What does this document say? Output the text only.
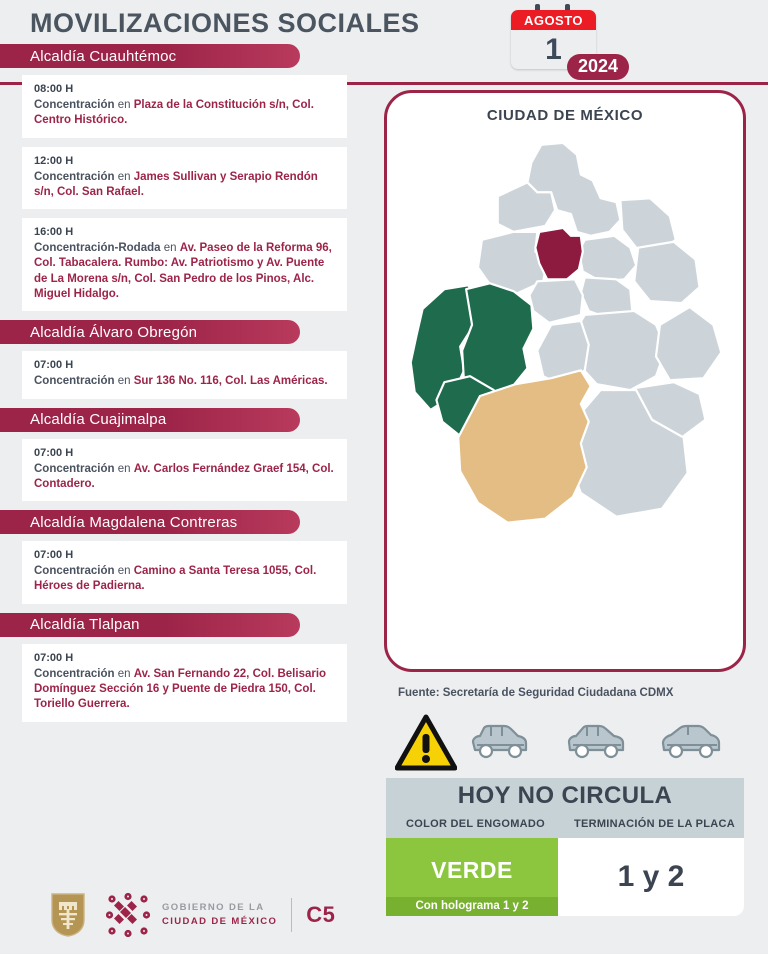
MOVILIZACIONES SOCIALES	AGOSTO
1
2024
Alcaldía Cuauhtémoc
08:00 H
Concentración en Plaza de la Constitución s/n, Col. Centro Histórico.
12:00 H
Concentración en James Sullivan y Serapio Rendón s/n, Col. San Rafael.
16:00 H
Concentración-Rodada en Av. Paseo de la Reforma 96, Col. Tabacalera. Rumbo: Av. Patriotismo y Av. Puente de La Morena s/n, Col. San Pedro de los Pinos, Alc. Miguel Hidalgo.
Alcaldía Álvaro Obregón
07:00 H
Concentración en Sur 136 No. 116, Col. Las Américas.
Alcaldía Cuajimalpa
07:00 H
Concentración en Av. Carlos Fernández Graef 154, Col. Contadero.
Alcaldía Magdalena Contreras
07:00 H
Concentración en Camino a Santa Teresa 1055, Col. Héroes de Padierna.
Alcaldía Tlalpan
07:00 H
Concentración en Av. San Fernando 22, Col. Belisario Domínguez Sección 16 y Puente de Piedra 150, Col. Toriello Guerrera.
GOBIERNO DE LA
CIUDAD DE MÉXICO C5
CIUDAD DE MÉXICO
Fuente: Secretaría de Seguridad Ciudadana CDMX
HOY NO CIRCULA
COLOR DEL ENGOMADO	TERMINACIÓN DE LA PLACA
VERDE
Con holograma 1 y 2
1 y 2
